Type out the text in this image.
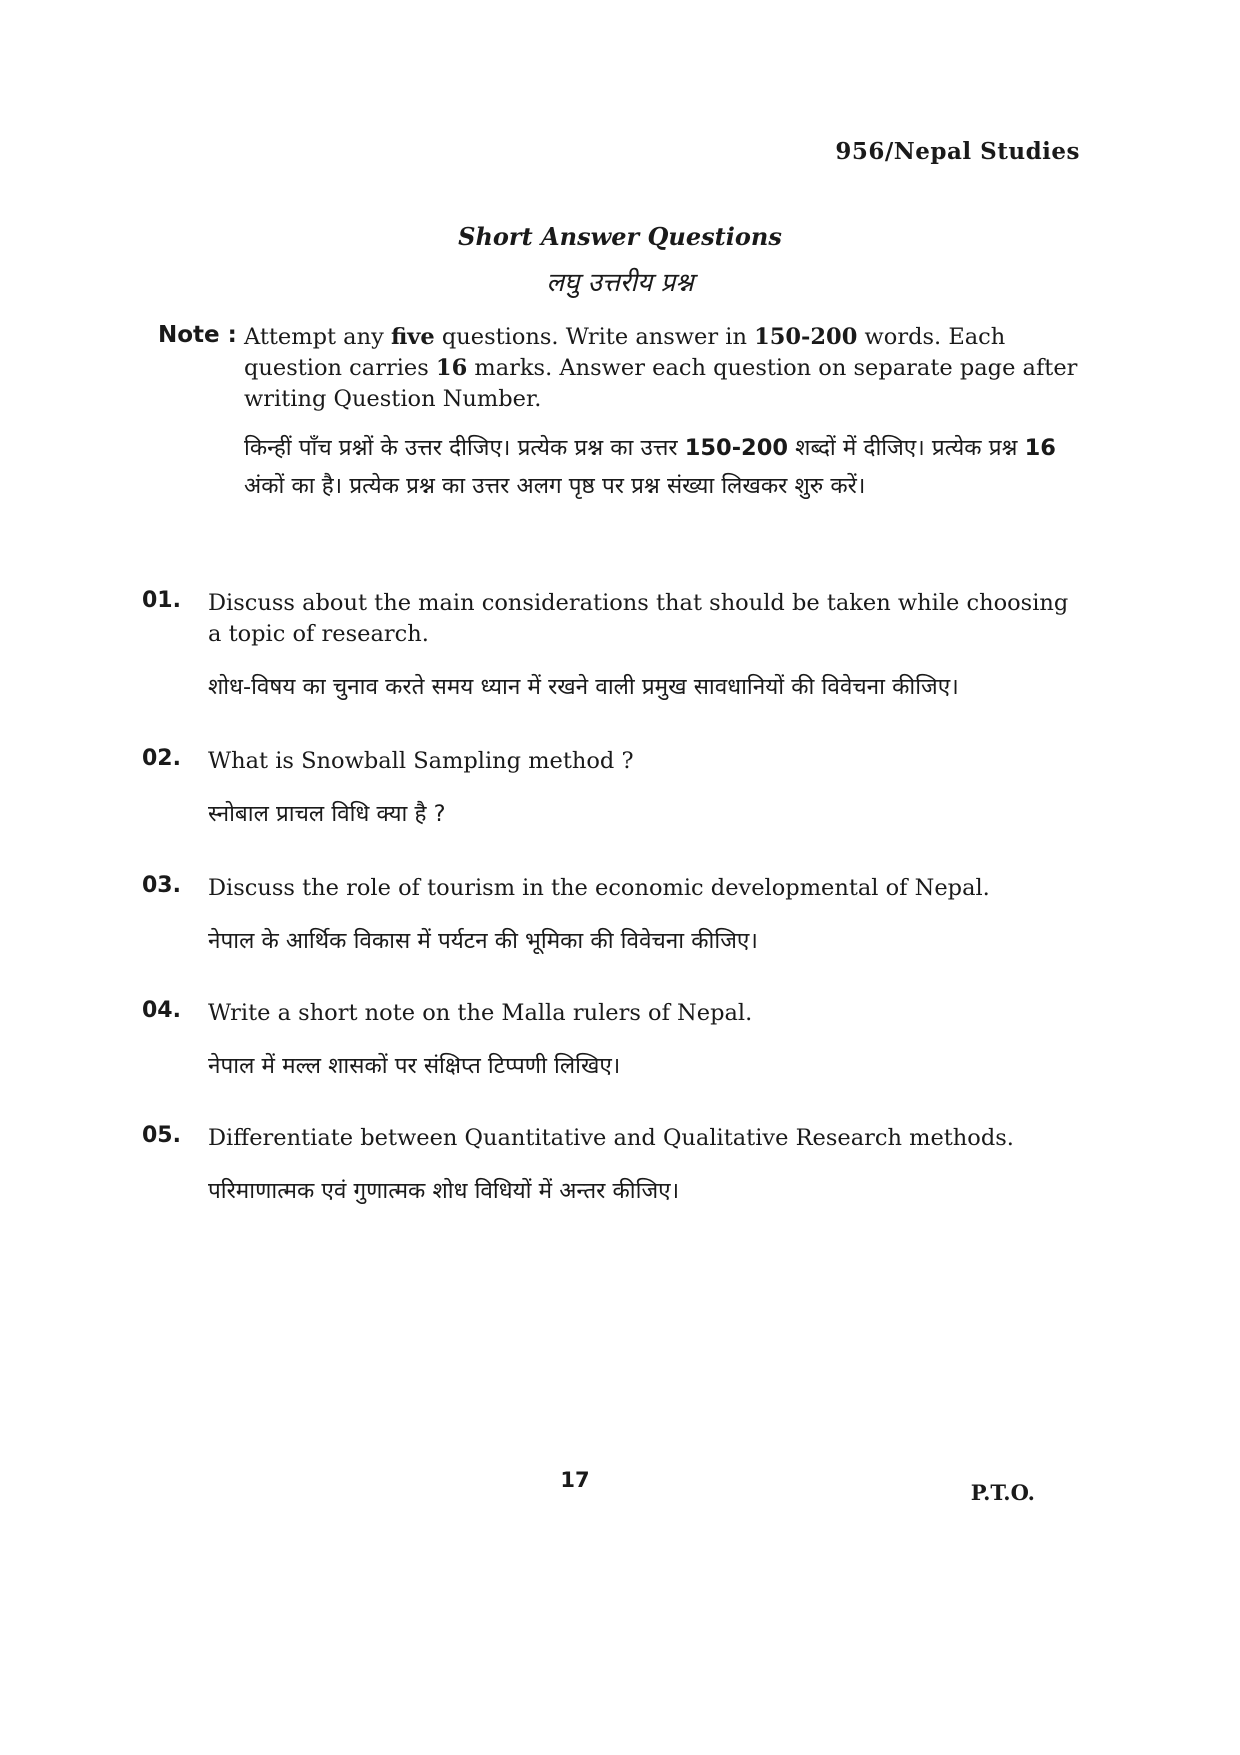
956/Nepal Studies
Short Answer Questions
लघु उत्तरीय प्रश्न
Note : Attempt any five questions. Write answer in 150-200 words. Each question carries 16 marks. Answer each question on separate page after writing Question Number.

किन्हीं पाँच प्रश्नों के उत्तर दीजिए। प्रत्येक प्रश्न का उत्तर 150-200 शब्दों में दीजिए। प्रत्येक प्रश्न 16 अंकों का है। प्रत्येक प्रश्न का उत्तर अलग पृष्ठ पर प्रश्न संख्या लिखकर शुरु करें।

01. Discuss about the main considerations that should be taken while choosing a topic of research.

शोध-विषय का चुनाव करते समय ध्यान में रखने वाली प्रमुख सावधानियों की विवेचना कीजिए।

02. What is Snowball Sampling method ?

स्नोबाल प्राचल विधि क्या है ?

03. Discuss the role of tourism in the economic developmental of Nepal.

नेपाल के आर्थिक विकास में पर्यटन की भूमिका की विवेचना कीजिए।

04. Write a short note on the Malla rulers of Nepal.

नेपाल में मल्ल शासकों पर संक्षिप्त टिप्पणी लिखिए।

05. Differentiate between Quantitative and Qualitative Research methods.

परिमाणात्मक एवं गुणात्मक शोध विधियों में अन्तर कीजिए।

17	P.T.O.
